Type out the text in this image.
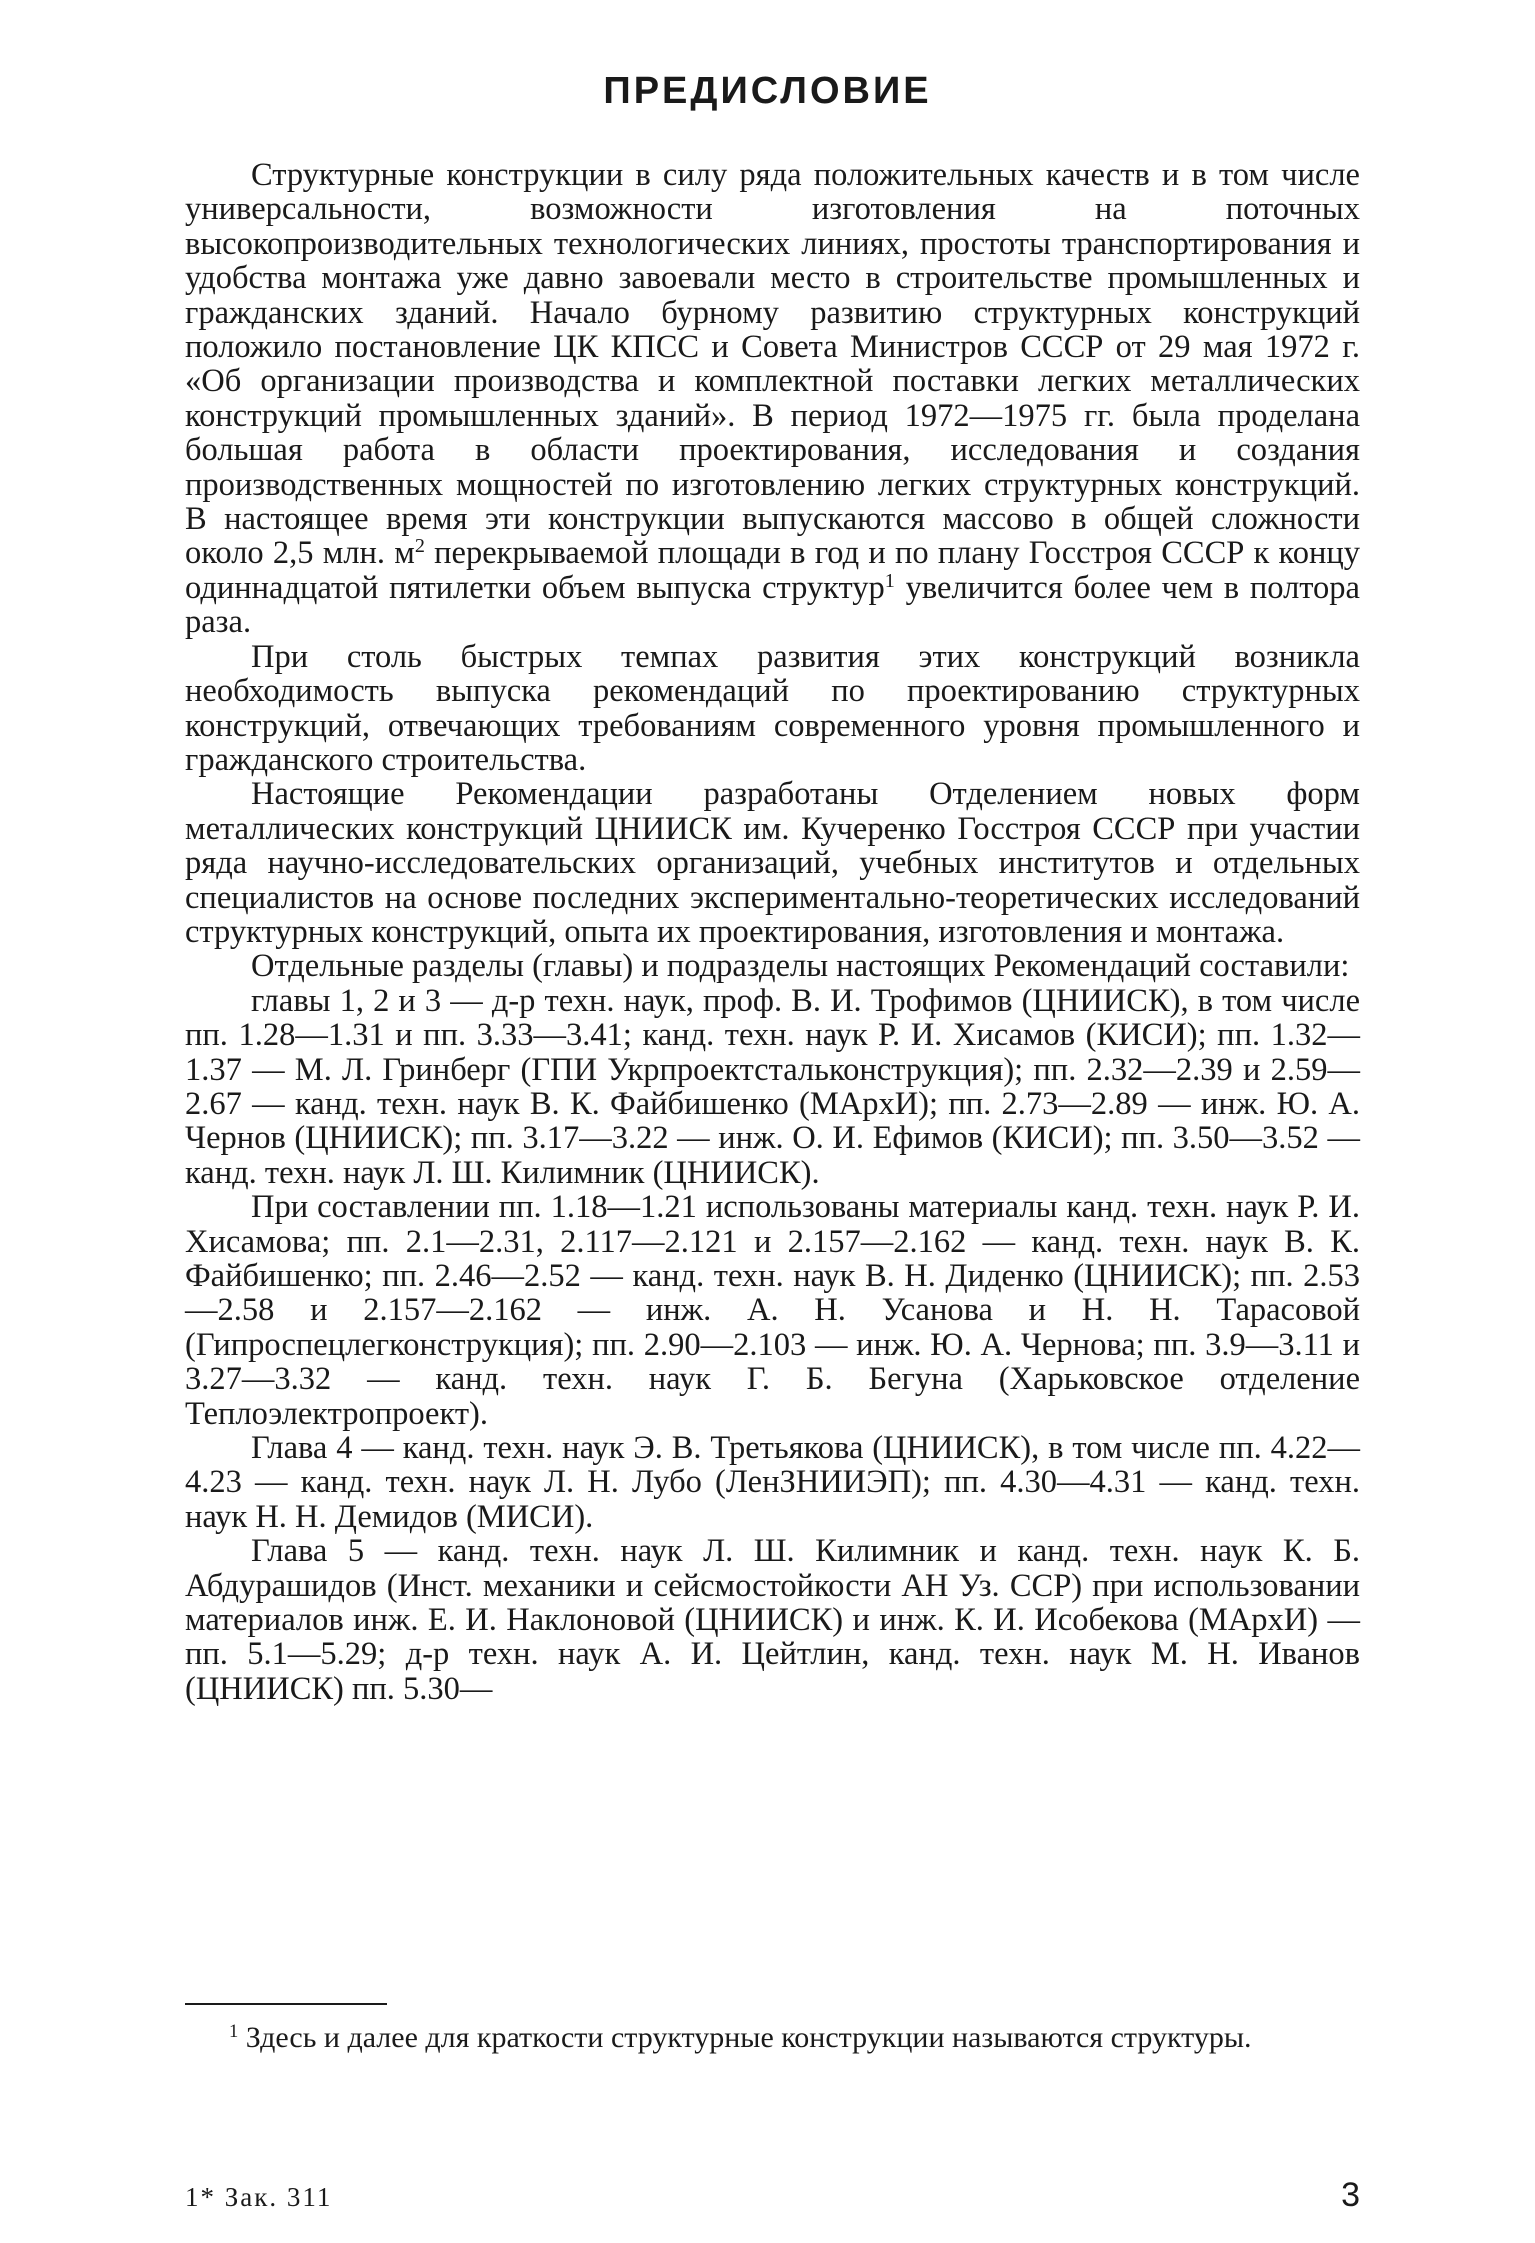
ПРЕДИСЛОВИЕ

Структурные конструкции в силу ряда положительных качеств и в том числе универсальности, возможности изготовления на поточных высокопроизводительных технологических линиях, простоты транспортирования и удобства монтажа уже давно завоевали место в строительстве промышленных и гражданских зданий. Начало бурному развитию структурных конструкций положило постановление ЦК КПСС и Совета Министров СССР от 29 мая 1972 г. «Об организации производства и комплектной поставки легких металлических конструкций промышленных зданий». В период 1972—1975 гг. была проделана большая работа в области проектирования, исследования и создания производственных мощностей по изготовлению легких структурных конструкций. В настоящее время эти конструкции выпускаются массово в общей сложности около 2,5 млн. $м^2$ перекрываемой площади в год и по плану Госстроя СССР к концу одиннадцатой пятилетки объем выпуска структур$^1$ увеличится более чем в полтора раза.

При столь быстрых темпах развития этих конструкций возникла необходимость выпуска рекомендаций по проектированию структурных конструкций, отвечающих требованиям современного уровня промышленного и гражданского строительства.

Настоящие Рекомендации разработаны Отделением новых форм металлических конструкций ЦНИИСК им. Кучеренко Госстроя СССР при участии ряда научно-исследовательских организаций, учебных институтов и отдельных специалистов на основе последних экспериментально-теоретических исследований структурных конструкций, опыта их проектирования, изготовления и монтажа.

Отдельные разделы (главы) и подразделы настоящих Рекомендаций составили:

главы 1, 2 и 3 — д-р техн. наук, проф. В. И. Трофимов (ЦНИИСК), в том числе пп. 1.28—1.31 и пп. 3.33—3.41; канд. техн. наук Р. И. Хисамов (КИСИ); пп. 1.32—1.37 — М. Л. Гринберг (ГПИ Укрпроектстальконструкция); пп. 2.32—2.39 и 2.59—2.67 — канд. техн. наук В. К. Файбишенко (МАрхИ); пп. 2.73—2.89 — инж. Ю. А. Чернов (ЦНИИСК); пп. 3.17—3.22 — инж. О. И. Ефимов (КИСИ); пп. 3.50—3.52 — канд. техн. наук Л. Ш. Килимник (ЦНИИСК).

При составлении пп. 1.18—1.21 использованы материалы канд. техн. наук Р. И. Хисамова; пп. 2.1—2.31, 2.117—2.121 и 2.157—2.162 — канд. техн. наук В. К. Файбишенко; пп. 2.46—2.52 — канд. техн. наук В. Н. Диденко (ЦНИИСК); пп. 2.53—2.58 и 2.157—2.162 — инж. А. Н. Усанова и Н. Н. Тарасовой (Гипроспецлегконструкция); пп. 2.90—2.103 — инж. Ю. А. Чернова; пп. 3.9—3.11 и 3.27—3.32 — канд. техн. наук Г. Б. Бегуна (Харьковское отделение Теплоэлектропроект).

Глава 4 — канд. техн. наук Э. В. Третьякова (ЦНИИСК), в том числе пп. 4.22—4.23 — канд. техн. наук Л. Н. Лубо (ЛенЗНИИЭП); пп. 4.30—4.31 — канд. техн. наук Н. Н. Демидов (МИСИ).

Глава 5 — канд. техн. наук Л. Ш. Килимник и канд. техн. наук К. Б. Абдурашидов (Инст. механики и сейсмостойкости АН Уз. ССР) при использовании материалов инж. Е. И. Наклоновой (ЦНИИСК) и инж. К. И. Исобекова (МАрхИ) — пп. 5.1—5.29; д-р техн. наук А. И. Цейтлин, канд. техн. наук М. Н. Иванов (ЦНИИСК) пп. 5.30—

$^1$ Здесь и далее для краткости структурные конструкции называются структуры.

1* Зак. 311	3
